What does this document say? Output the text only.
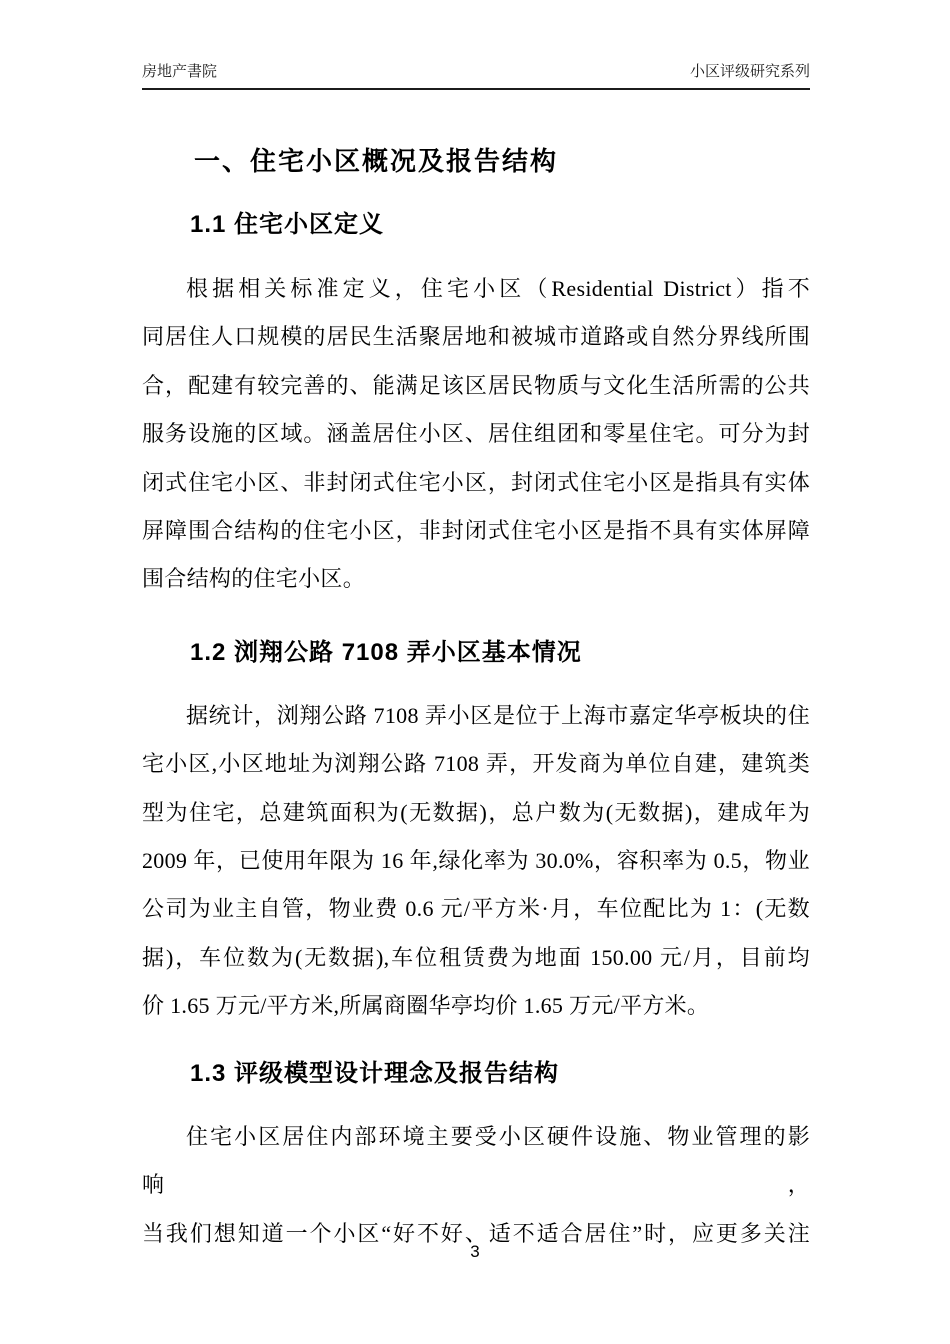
房地产書院	小区评级研究系列
一、住宅小区概况及报告结构
1.1 住宅小区定义
根据相关标准定义，住宅小区（Residential District）指不
同居住人口规模的居民生活聚居地和被城市道路或自然分界线所围
合，配建有较完善的、能满足该区居民物质与文化生活所需的公共
服务设施的区域。涵盖居住小区、居住组团和零星住宅。可分为封
闭式住宅小区、非封闭式住宅小区，封闭式住宅小区是指具有实体
屏障围合结构的住宅小区，非封闭式住宅小区是指不具有实体屏障
围合结构的住宅小区。
1.2 浏翔公路 7108 弄小区基本情况
据统计，浏翔公路 7108 弄小区是位于上海市嘉定华亭板块的住
宅小区,小区地址为浏翔公路 7108 弄，开发商为单位自建，建筑类
型为住宅，总建筑面积为(无数据)，总户数为(无数据)，建成年为
2009 年，已使用年限为 16 年,绿化率为 30.0%，容积率为 0.5，物业
公司为业主自管，物业费 0.6 元/平方米·月，车位配比为 1：(无数
据)，车位数为(无数据),车位租赁费为地面 150.00 元/月，目前均
价 1.65 万元/平方米,所属商圈华亭均价 1.65 万元/平方米。
1.3 评级模型设计理念及报告结构
住宅小区居住内部环境主要受小区硬件设施、物业管理的影响，
当我们想知道一个小区“好不好、适不适合居住”时，应更多关注
3
